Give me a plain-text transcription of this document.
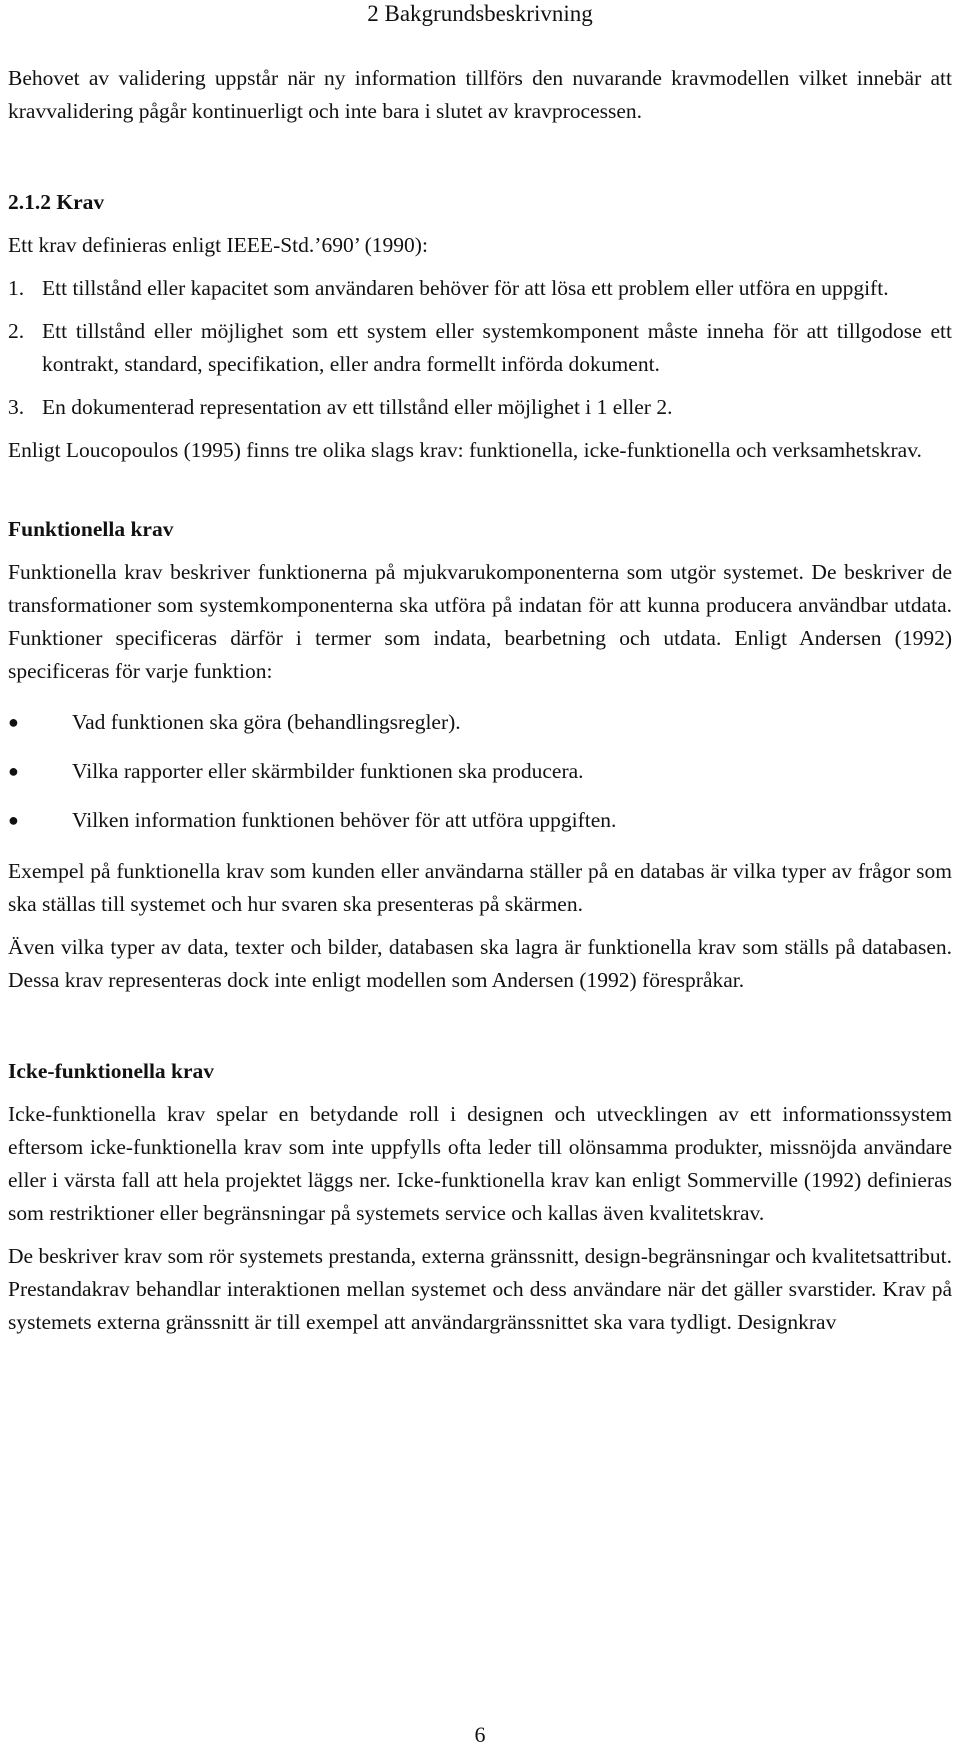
2 Bakgrundsbeskrivning

Behovet av validering uppstår när ny information tillförs den nuvarande kravmodellen vilket innebär att kravvalidering pågår kontinuerligt och inte bara i slutet av kravprocessen.

2.1.2 Krav

Ett krav definieras enligt IEEE-Std.’690’ (1990):

1. Ett tillstånd eller kapacitet som användaren behöver för att lösa ett problem eller utföra en uppgift.
2. Ett tillstånd eller möjlighet som ett system eller systemkomponent måste inneha för att tillgodose ett kontrakt, standard, specifikation, eller andra formellt införda dokument.
3. En dokumenterad representation av ett tillstånd eller möjlighet i 1 eller 2.

Enligt Loucopoulos (1995) finns tre olika slags krav: funktionella, icke-funktionella och verksamhetskrav.

Funktionella krav

Funktionella krav beskriver funktionerna på mjukvarukomponenterna som utgör systemet. De beskriver de transformationer som systemkomponenterna ska utföra på indatan för att kunna producera användbar utdata. Funktioner specificeras därför i termer som indata, bearbetning och utdata. Enligt Andersen (1992) specificeras för varje funktion:

●	Vad funktionen ska göra (behandlingsregler).
●	Vilka rapporter eller skärmbilder funktionen ska producera.
●	Vilken information funktionen behöver för att utföra uppgiften.

Exempel på funktionella krav som kunden eller användarna ställer på en databas är vilka typer av frågor som ska ställas till systemet och hur svaren ska presenteras på skärmen.

Även vilka typer av data, texter och bilder, databasen ska lagra är funktionella krav som ställs på databasen. Dessa krav representeras dock inte enligt modellen som Andersen (1992) förespråkar.

Icke-funktionella krav

Icke-funktionella krav spelar en betydande roll i designen och utvecklingen av ett informationssystem eftersom icke-funktionella krav som inte uppfylls ofta leder till olönsamma produkter, missnöjda användare eller i värsta fall att hela projektet läggs ner. Icke-funktionella krav kan enligt Sommerville (1992) definieras som restriktioner eller begränsningar på systemets service och kallas även kvalitetskrav.

De beskriver krav som rör systemets prestanda, externa gränssnitt, design-begränsningar och kvalitetsattribut. Prestandakrav behandlar interaktionen mellan systemet och dess användare när det gäller svarstider. Krav på systemets externa gränssnitt är till exempel att användargränssnittet ska vara tydligt. Designkrav

6
